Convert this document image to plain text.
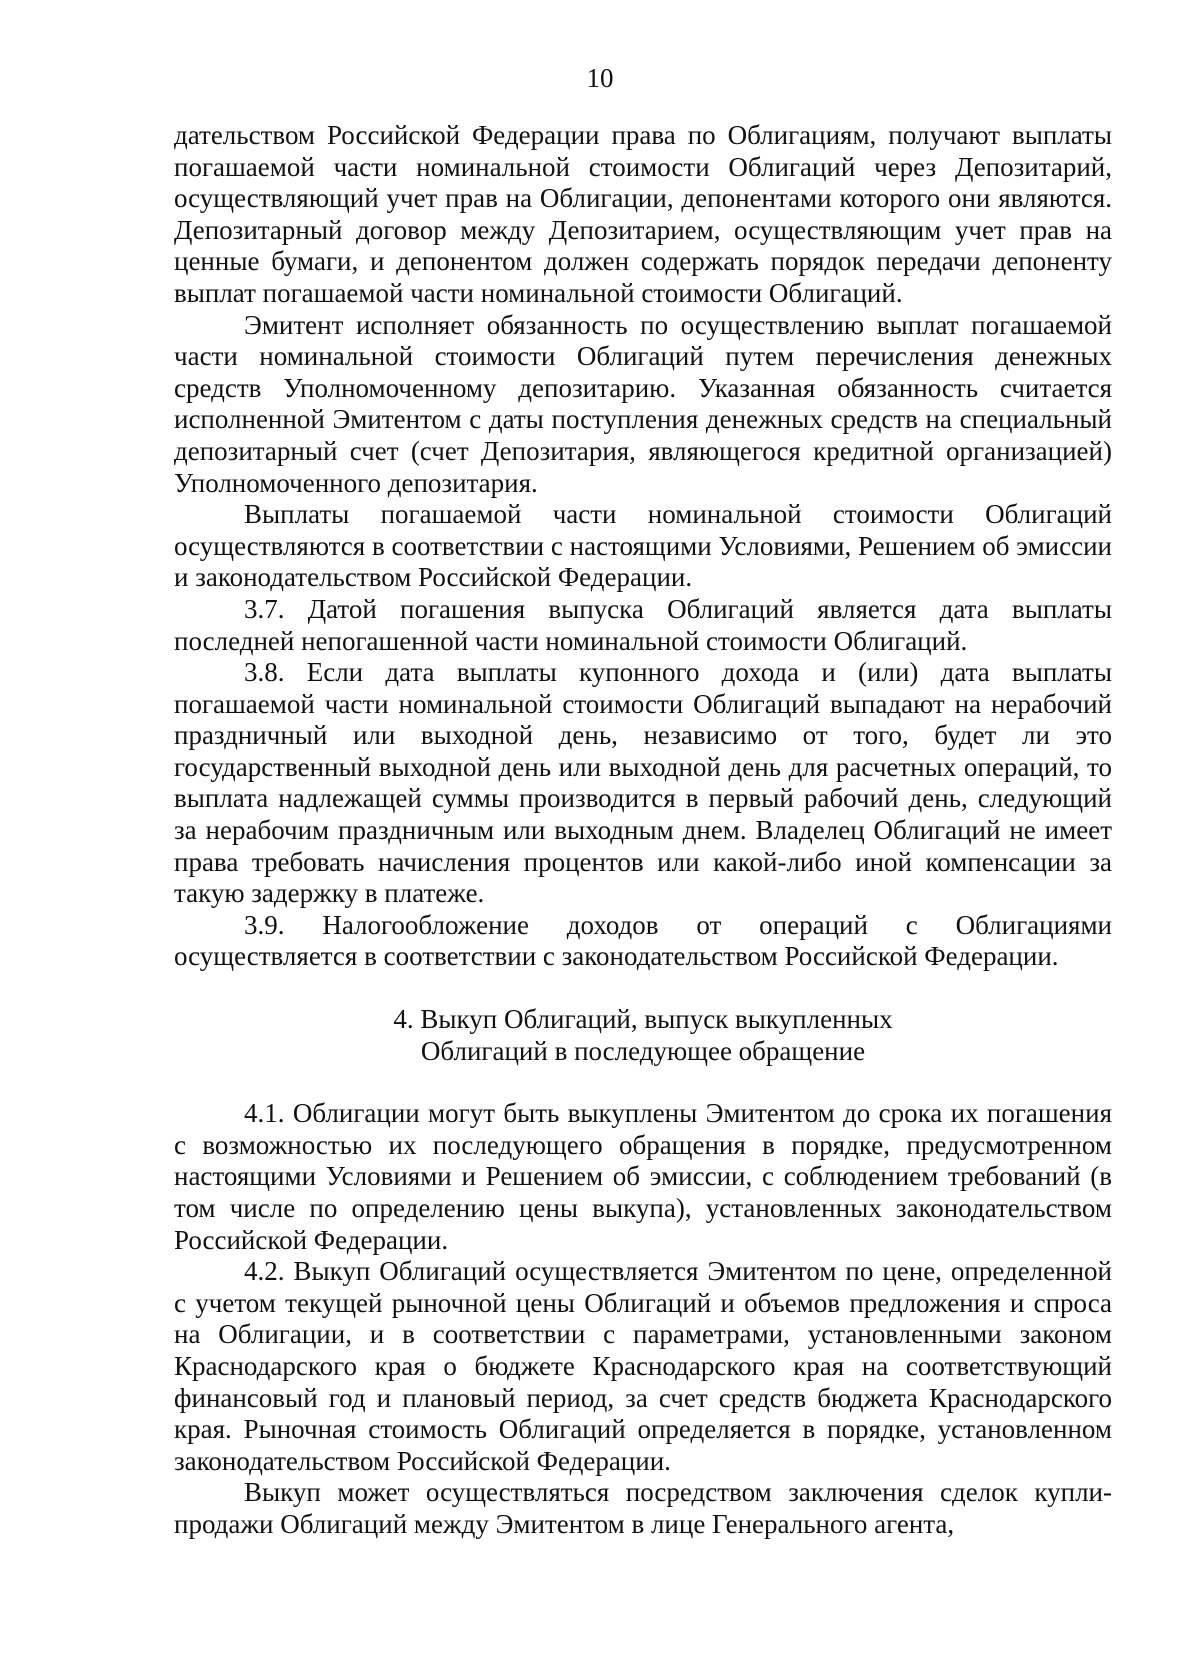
10

дательством Российской Федерации права по Облигациям, получают выплаты погашаемой части номинальной стоимости Облигаций через Депозитарий, осуществляющий учет прав на Облигации, депонентами которого они являются. Депозитарный договор между Депозитарием, осуществляющим учет прав на ценные бумаги, и депонентом должен содержать порядок передачи депоненту выплат погашаемой части номинальной стоимости Облигаций.

Эмитент исполняет обязанность по осуществлению выплат погашаемой части номинальной стоимости Облигаций путем перечисления денежных средств Уполномоченному депозитарию. Указанная обязанность считается исполненной Эмитентом с даты поступления денежных средств на специальный депозитарный счет (счет Депозитария, являющегося кредитной организацией) Уполномоченного депозитария.

Выплаты погашаемой части номинальной стоимости Облигаций осуществляются в соответствии с настоящими Условиями, Решением об эмиссии и законодательством Российской Федерации.

3.7. Датой погашения выпуска Облигаций является дата выплаты последней непогашенной части номинальной стоимости Облигаций.

3.8. Если дата выплаты купонного дохода и (или) дата выплаты погашаемой части номинальной стоимости Облигаций выпадают на нерабочий праздничный или выходной день, независимо от того, будет ли это государственный выходной день или выходной день для расчетных операций, то выплата надлежащей суммы производится в первый рабочий день, следующий за нерабочим праздничным или выходным днем. Владелец Облигаций не имеет права требовать начисления процентов или какой-либо иной компенсации за такую задержку в платеже.

3.9. Налогообложение доходов от операций с Облигациями осуществляется в соответствии с законодательством Российской Федерации.

4. Выкуп Облигаций, выпуск выкупленных
Облигаций в последующее обращение

4.1. Облигации могут быть выкуплены Эмитентом до срока их погашения с возможностью их последующего обращения в порядке, предусмотренном настоящими Условиями и Решением об эмиссии, с соблюдением требований (в том числе по определению цены выкупа), установленных законодательством Российской Федерации.

4.2. Выкуп Облигаций осуществляется Эмитентом по цене, определенной с учетом текущей рыночной цены Облигаций и объемов предложения и спроса на Облигации, и в соответствии с параметрами, установленными законом Краснодарского края о бюджете Краснодарского края на соответствующий финансовый год и плановый период, за счет средств бюджета Краснодарского края. Рыночная стоимость Облигаций определяется в порядке, установленном законодательством Российской Федерации.

Выкуп может осуществляться посредством заключения сделок купли-продажи Облигаций между Эмитентом в лице Генерального агента,
